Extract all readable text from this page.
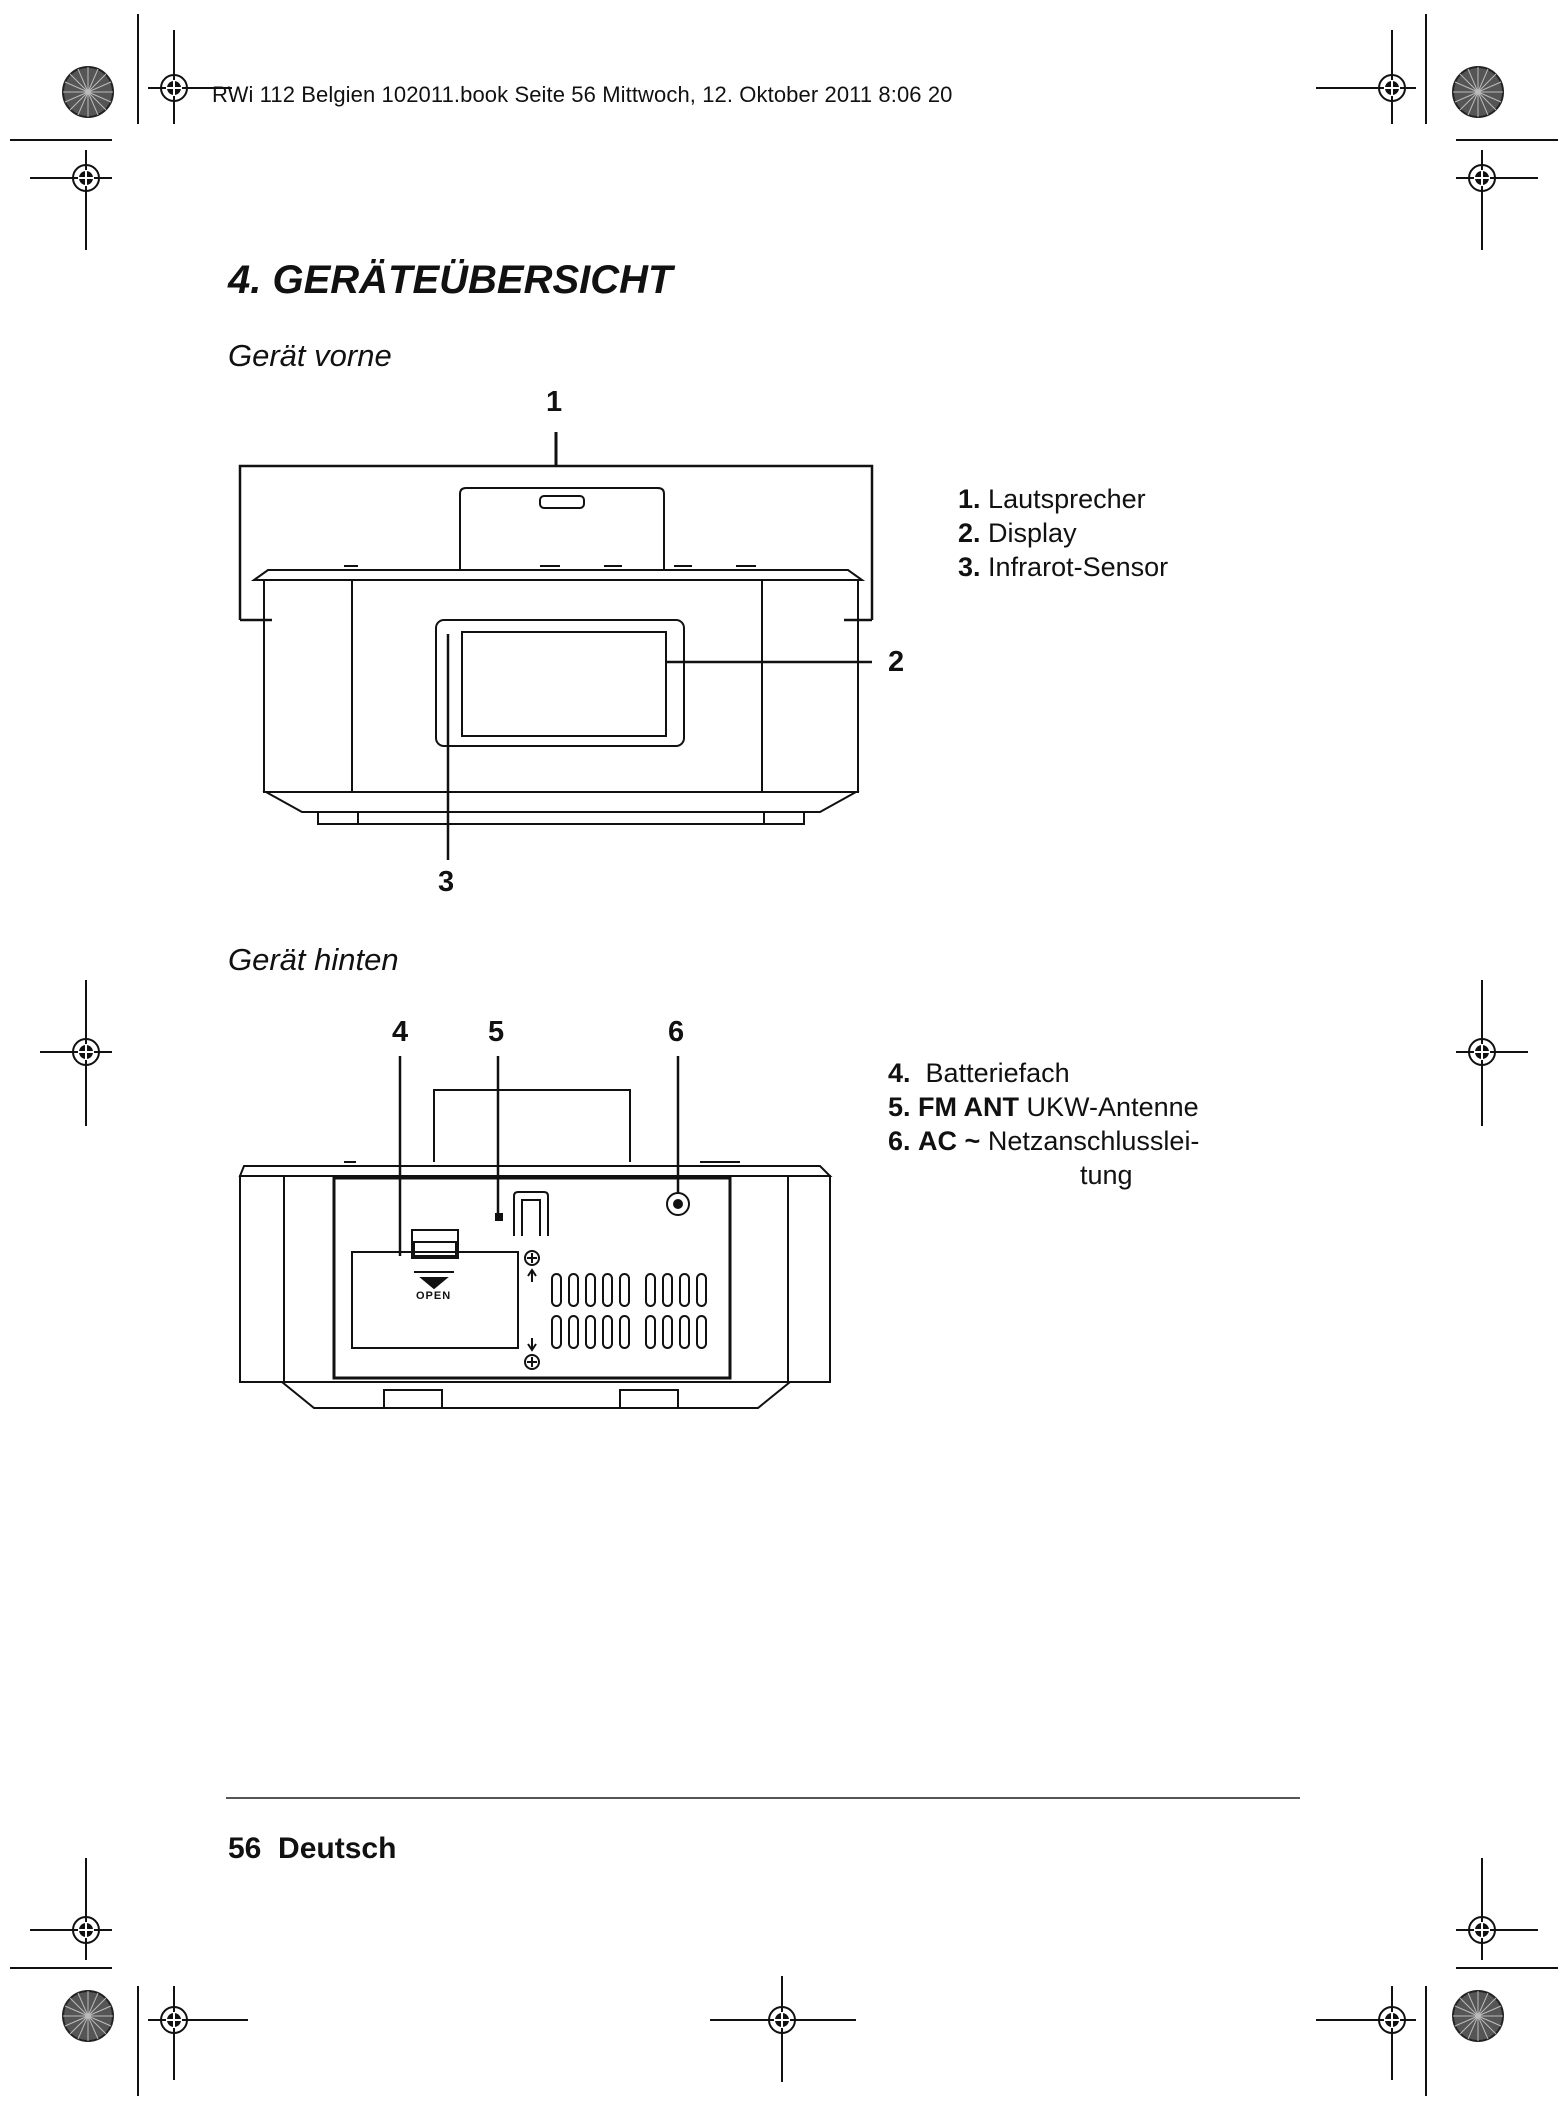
RWi 112 Belgien 102011.book Seite 56 Mittwoch, 12. Oktober 2011 8:06 20
4. GERÄTEÜBERSICHT
Gerät vorne
1
2
3
1. Lautsprecher
2. Display
3. Infrarot-Sensor
Gerät hinten
OPEN
4	5	6
4. Batteriefach
5. FM ANT UKW-Antenne
6. AC ~ Netzanschlusslei-
tung
56 Deutsch
